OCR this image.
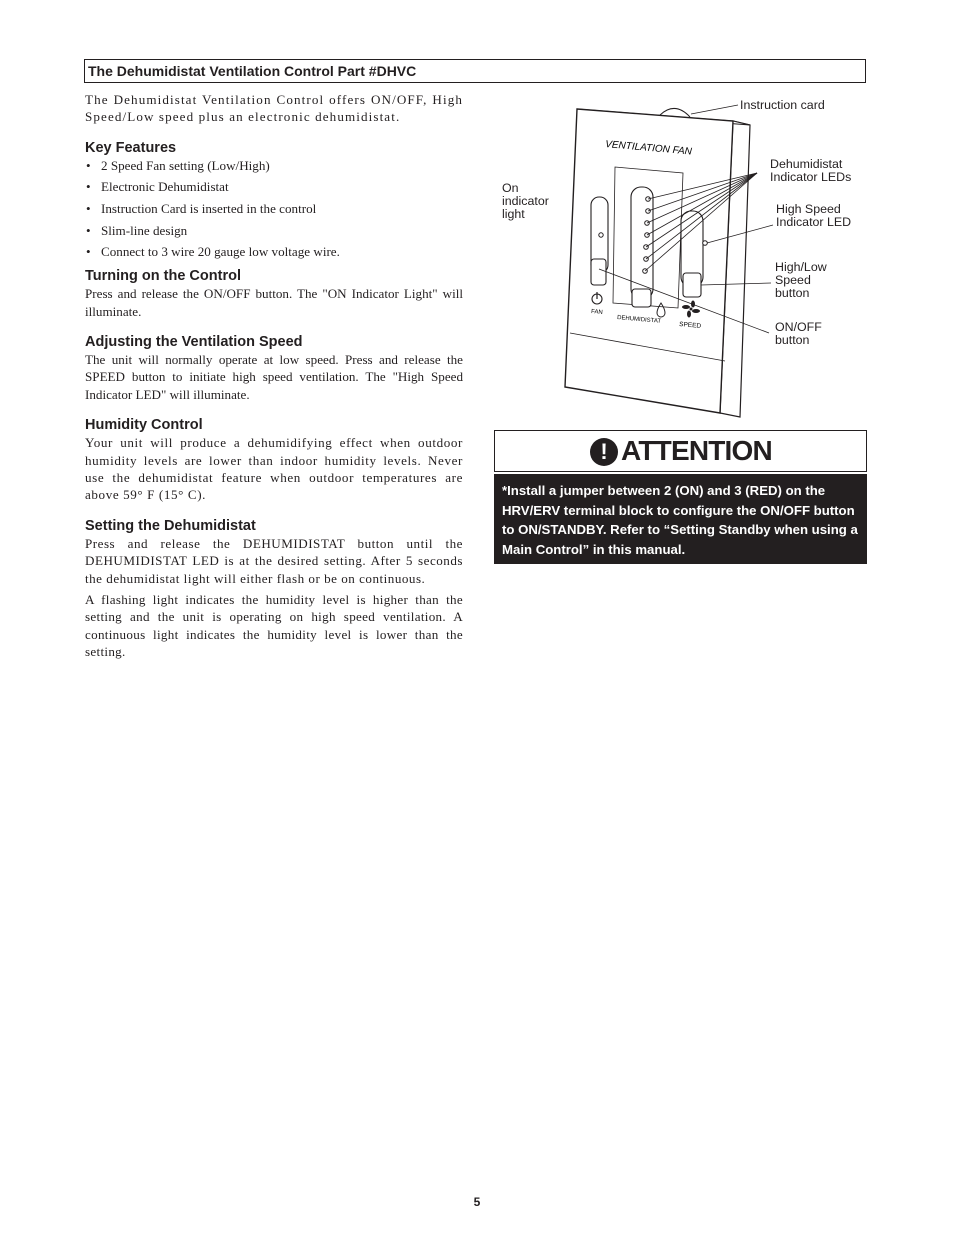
The Dehumidistat Ventilation Control Part #DHVC

The Dehumidistat Ventilation Control offers ON/OFF, High Speed/Low speed plus an electronic dehumidistat.

Key Features
• 2 Speed Fan setting (Low/High)
• Electronic Dehumidistat
• Instruction Card is inserted in the control
• Slim-line design
• Connect to 3 wire 20 gauge low voltage wire.
Turning on the Control

Press and release the ON/OFF button. The "ON Indicator Light" will illuminate.

Adjusting the Ventilation Speed

The unit will normally operate at low speed. Press and release the SPEED button to initiate high speed ventilation. The "High Speed Indicator LED" will illuminate.

Humidity Control

Your unit will produce a dehumidifying effect when outdoor humidity levels are lower than indoor humidity levels. Never use the dehumidistat feature when outdoor temperatures are above 59° F (15° C).

Setting the Dehumidistat

Press and release the DEHUMIDISTAT button until the DEHUMIDISTAT LED is at the desired setting. After 5 seconds the dehumidistat light will either flash or be on continuous.

A flashing light indicates the humidity level is higher than the setting and the unit is operating on high speed ventilation. A continuous light indicates the humidity level is lower than the setting.

VENTILATION FAN
FAN
DEHUMIDISTAT
SPEED
Instruction card
Dehumidistat
Indicator LEDs
On
indicator
light	High Speed
Indicator LED
High/Low
Speed
button
ON/OFF
button
! ATTENTION
*Install a jumper between 2 (ON) and 3 (RED) on the HRV/ERV terminal block to configure the ON/OFF button to ON/STANDBY. Refer to “Setting Standby when using a Main Control” in this manual.
5
